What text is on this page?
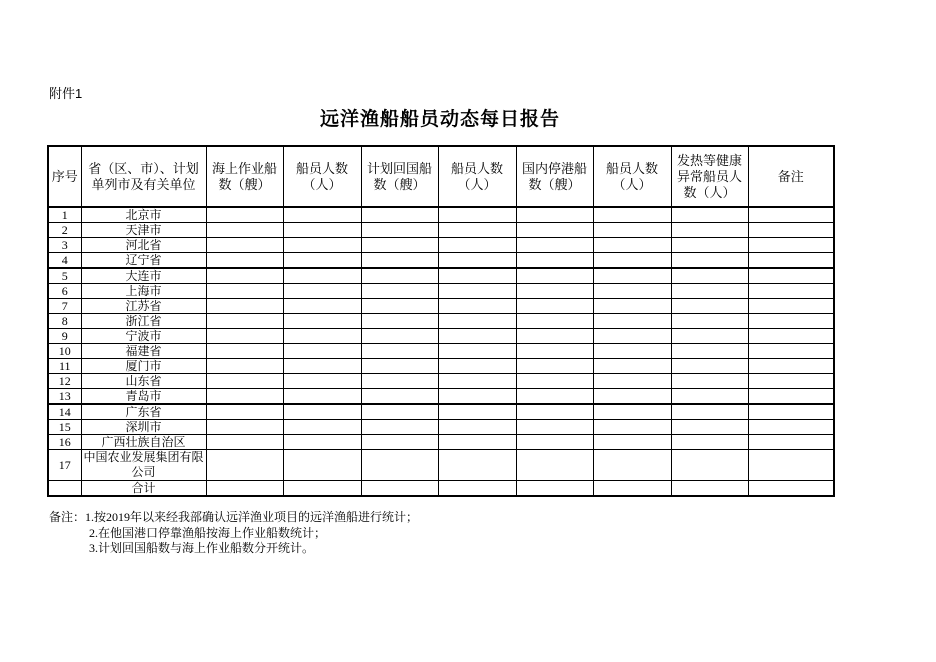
附件1
远洋渔船船员动态每日报告
序号	省（区、市）、计划单列市及有关单位	海上作业船数（艘）	船员人数（人）	计划回国船数（艘）	船员人数（人）	国内停港船数（艘）	船员人数（人）	发热等健康异常船员人数（人）	备注
1	北京市								
2	天津市								
3	河北省								
4	辽宁省								
5	大连市								
6	上海市								
7	江苏省								
8	浙江省								
9	宁波市								
10	福建省								
11	厦门市								
12	山东省								
13	青岛市								
14	广东省								
15	深圳市								
16	广西壮族自治区								
17	中国农业发展集团有限公司								
	合计								
备注：1.按2019年以来经我部确认远洋渔业项目的远洋渔船进行统计；
2.在他国港口停靠渔船按海上作业船数统计；
3.计划回国船数与海上作业船数分开统计。
